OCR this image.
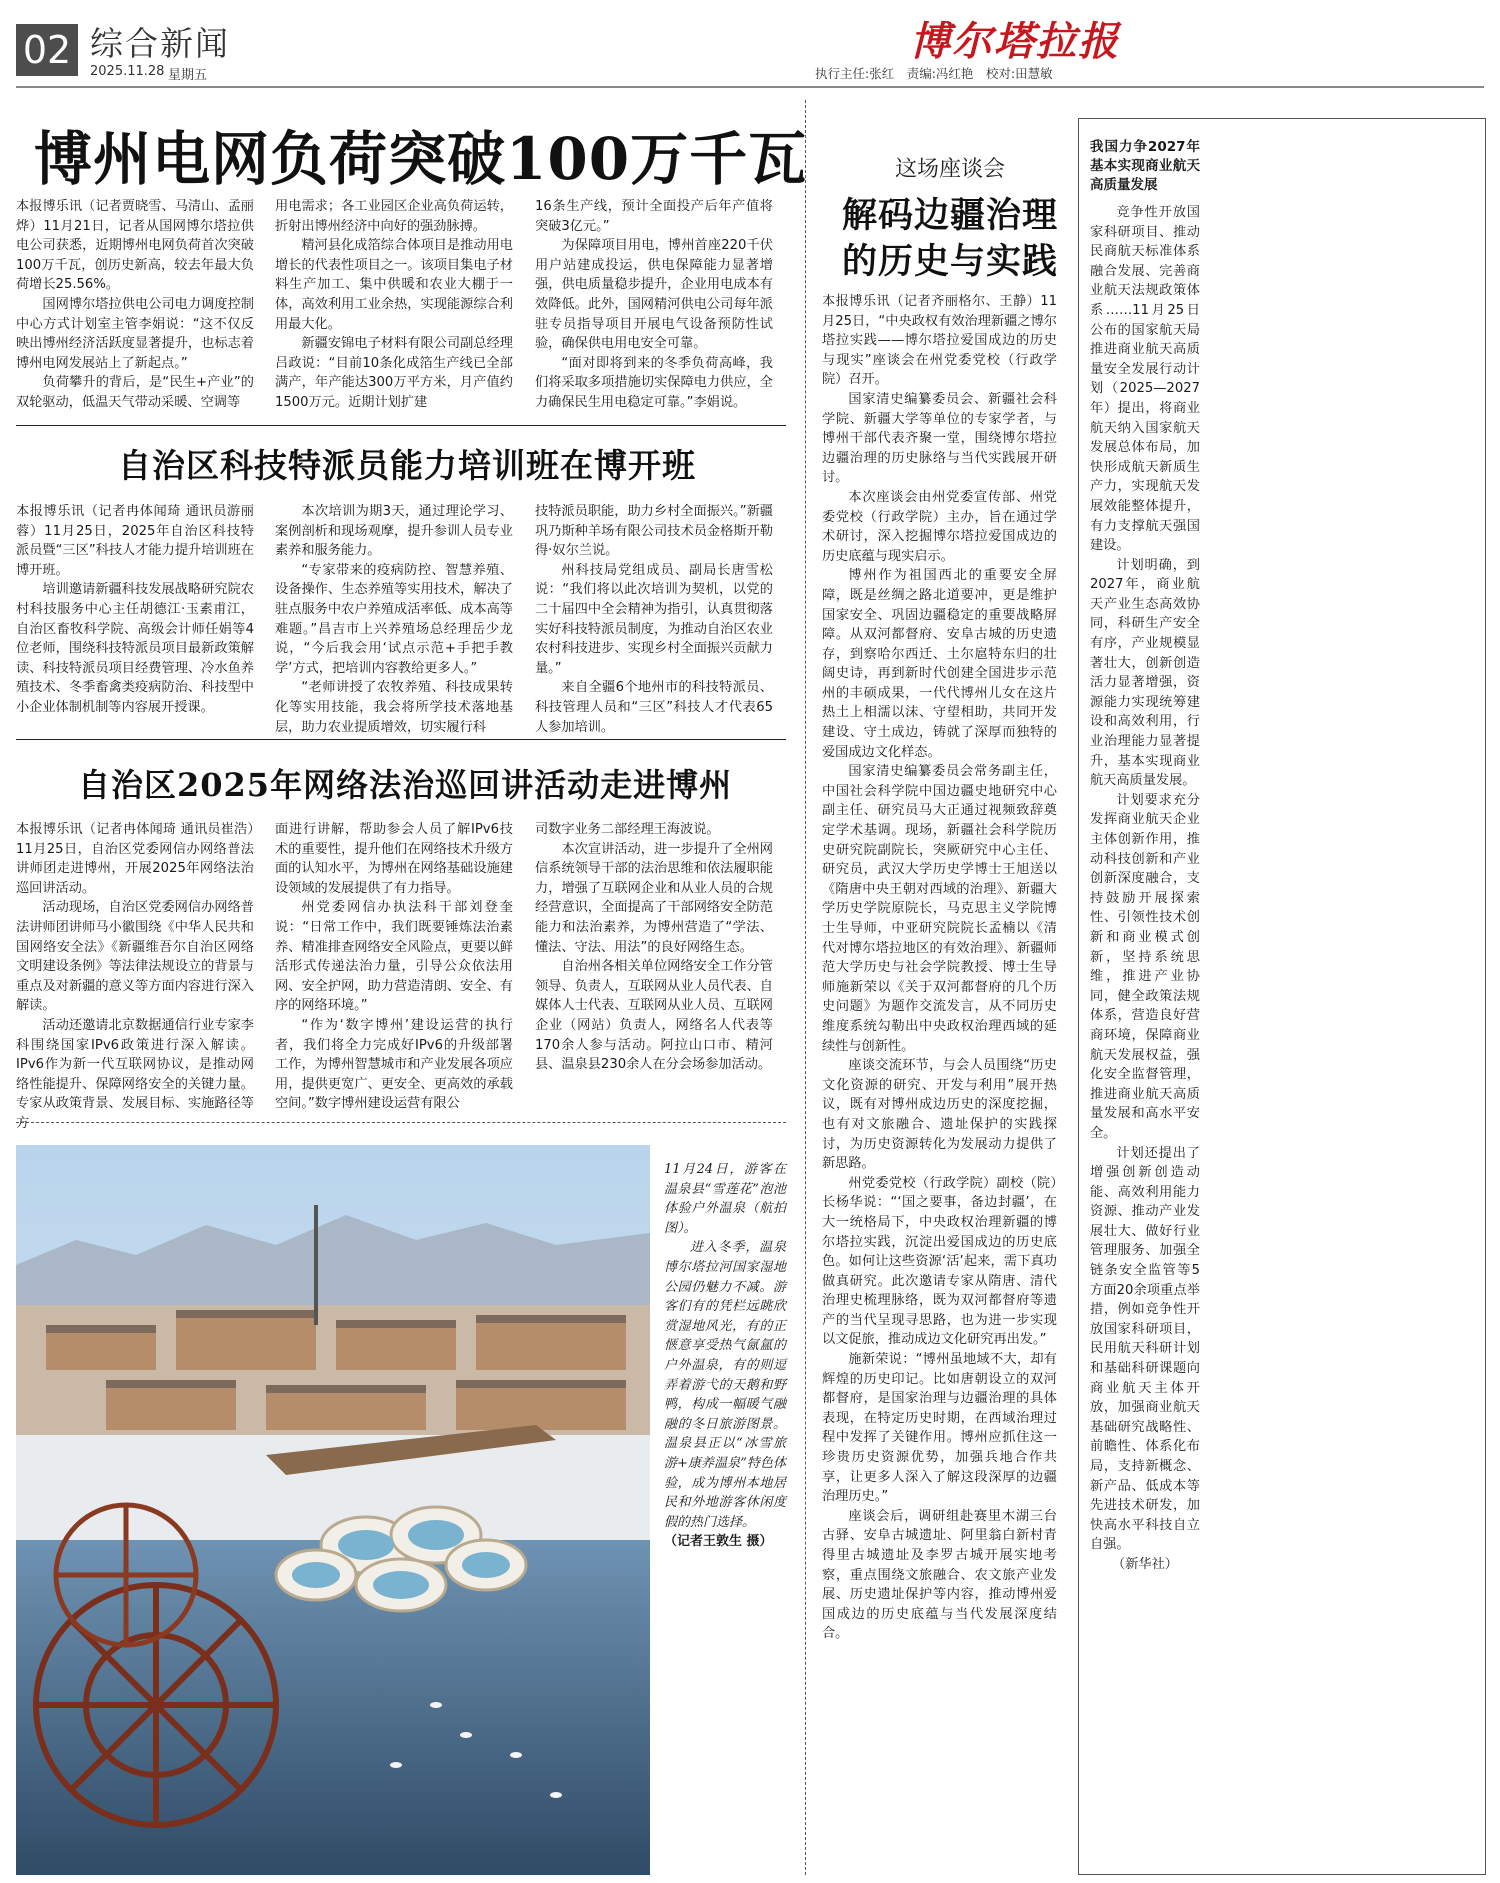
02 综合新闻
2025.11.28 星期五
博尔塔拉报
执行主任:张红　责编:冯红艳　校对:田慧敏
博州电网负荷突破100万千瓦

本报博乐讯（记者贾晓雪、马清山、孟丽烨）11月21日，记者从国网博尔塔拉供电公司获悉，近期博州电网负荷首次突破100万千瓦，创历史新高，较去年最大负荷增长25.56%。

国网博尔塔拉供电公司电力调度控制中心方式计划室主管李娟说：“这不仅反映出博州经济活跃度显著提升，也标志着博州电网发展站上了新起点。”

负荷攀升的背后，是“民生+产业”的双轮驱动，低温天气带动采暖、空调等

用电需求；各工业园区企业高负荷运转，折射出博州经济中向好的强劲脉搏。

精河县化成箔综合体项目是推动用电增长的代表性项目之一。该项目集电子材料生产加工、集中供暖和农业大棚于一体，高效利用工业余热，实现能源综合利用最大化。

新疆安锦电子材料有限公司副总经理吕政说：“目前10条化成箔生产线已全部满产，年产能达300万平方米，月产值约1500万元。近期计划扩建

16条生产线，预计全面投产后年产值将突破3亿元。”

为保障项目用电，博州首座220千伏用户站建成投运，供电保障能力显著增强，供电质量稳步提升，企业用电成本有效降低。此外，国网精河供电公司每年派驻专员指导项目开展电气设备预防性试验，确保供电用电安全可靠。

“面对即将到来的冬季负荷高峰，我们将采取多项措施切实保障电力供应，全力确保民生用电稳定可靠。”李娟说。

自治区科技特派员能力培训班在博开班

本报博乐讯（记者冉体闻琦 通讯员游丽蓉）11月25日，2025年自治区科技特派员暨“三区”科技人才能力提升培训班在博开班。

培训邀请新疆科技发展战略研究院农村科技服务中心主任胡德江·玉素甫江，自治区畜牧科学院、高级会计师任娟等4位老师，围绕科技特派员项目最新政策解读、科技特派员项目经费管理、冷水鱼养殖技术、冬季畜禽类疫病防治、科技型中小企业体制机制等内容展开授课。

本次培训为期3天，通过理论学习、案例剖析和现场观摩，提升参训人员专业素养和服务能力。

“专家带来的疫病防控、智慧养殖、设备操作、生态养殖等实用技术，解决了驻点服务中农户养殖成活率低、成本高等难题。”昌吉市上兴养殖场总经理岳少龙说，“今后我会用‘试点示范+手把手教学’方式，把培训内容教给更多人。”

“老师讲授了农牧养殖、科技成果转化等实用技能，我会将所学技术落地基层，助力农业提质增效，切实履行科

技特派员职能，助力乡村全面振兴。”新疆巩乃斯种羊场有限公司技术员金格斯开勒得·奴尔兰说。

州科技局党组成员、副局长唐雪松说：“我们将以此次培训为契机，以党的二十届四中全会精神为指引，认真贯彻落实好科技特派员制度，为推动自治区农业农村科技进步、实现乡村全面振兴贡献力量。”

来自全疆6个地州市的科技特派员、科技管理人员和“三区”科技人才代表65人参加培训。

自治区2025年网络法治巡回讲活动走进博州

本报博乐讯（记者冉体闻琦 通讯员崔浩）11月25日，自治区党委网信办网络普法讲师团走进博州，开展2025年网络法治巡回讲活动。

活动现场，自治区党委网信办网络普法讲师团讲师马小徽围绕《中华人民共和国网络安全法》《新疆维吾尔自治区网络文明建设条例》等法律法规设立的背景与重点及对新疆的意义等方面内容进行深入解读。

活动还邀请北京数据通信行业专家李科围绕国家IPv6政策进行深入解读。IPv6作为新一代互联网协议，是推动网络性能提升、保障网络安全的关键力量。专家从政策背景、发展目标、实施路径等方

面进行讲解，帮助参会人员了解IPv6技术的重要性，提升他们在网络技术升级方面的认知水平，为博州在网络基础设施建设领域的发展提供了有力指导。

州党委网信办执法科干部刘登奎说：“日常工作中，我们既要锤炼法治素养、精准排查网络安全风险点，更要以鲜活形式传递法治力量，引导公众依法用网、安全护网，助力营造清朗、安全、有序的网络环境。”

“作为‘数字博州’建设运营的执行者，我们将全力完成好IPv6的升级部署工作，为博州智慧城市和产业发展各项应用，提供更宽广、更安全、更高效的承载空间。”数字博州建设运营有限公

司数字业务二部经理王海波说。

本次宣讲活动，进一步提升了全州网信系统领导干部的法治思维和依法履职能力，增强了互联网企业和从业人员的合规经营意识，全面提高了干部网络安全防范能力和法治素养，为博州营造了“学法、懂法、守法、用法”的良好网络生态。

自治州各相关单位网络安全工作分管领导、负责人，互联网从业人员代表、自媒体人士代表、互联网从业人员、互联网企业（网站）负责人，网络名人代表等170余人参与活动。阿拉山口市、精河县、温泉县230余人在分会场参加活动。

11月24日，游客在温泉县“雪莲花”泡池体验户外温泉（航拍图）。

进入冬季，温泉博尔塔拉河国家湿地公园仍魅力不减。游客们有的凭栏远眺欣赏湿地风光，有的正惬意享受热气氤氲的户外温泉，有的则逗弄着游弋的天鹅和野鸭，构成一幅暖气融融的冬日旅游图景。温泉县正以“冰雪旅游+康养温泉”特色体验，成为博州本地居民和外地游客休闲度假的热门选择。

（记者王敦生 摄）

这场座谈会
解码边疆治理
的历史与实践

本报博乐讯（记者齐丽格尔、王静）11月25日，“中央政权有效治理新疆之博尔塔拉实践——博尔塔拉爱国成边的历史与现实”座谈会在州党委党校（行政学院）召开。

国家清史编纂委员会、新疆社会科学院、新疆大学等单位的专家学者，与博州干部代表齐聚一堂，围绕博尔塔拉边疆治理的历史脉络与当代实践展开研讨。

本次座谈会由州党委宣传部、州党委党校（行政学院）主办，旨在通过学术研讨，深入挖掘博尔塔拉爱国成边的历史底蕴与现实启示。

博州作为祖国西北的重要安全屏障，既是丝绸之路北道要冲，更是维护国家安全、巩固边疆稳定的重要战略屏障。从双河都督府、安阜古城的历史遗存，到察哈尔西迁、土尔扈特东归的壮阔史诗，再到新时代创建全国进步示范州的丰硕成果，一代代博州儿女在这片热土上相濡以沫、守望相助，共同开发建设、守土成边，铸就了深厚而独特的爱国成边文化样态。

国家清史编纂委员会常务副主任，中国社会科学院中国边疆史地研究中心副主任、研究员马大正通过视频致辞奠定学术基调。现场，新疆社会科学院历史研究院副院长，突厥研究中心主任、研究员，武汉大学历史学博士王旭送以《隋唐中央王朝对西域的治理》、新疆大学历史学院原院长，马克思主义学院博士生导师，中亚研究院院长孟楠以《清代对博尔塔拉地区的有效治理》、新疆师范大学历史与社会学院教授、博士生导师施新荣以《关于双河都督府的几个历史问题》为题作交流发言，从不同历史维度系统勾勒出中央政权治理西域的延续性与创新性。

座谈交流环节，与会人员围绕“历史文化资源的研究、开发与利用”展开热议，既有对博州成边历史的深度挖掘，也有对文旅融合、遗址保护的实践探讨，为历史资源转化为发展动力提供了新思路。

州党委党校（行政学院）副校（院）长杨华说：“‘国之要事，备边封疆’，在大一统格局下，中央政权治理新疆的博尔塔拉实践，沉淀出爱国成边的历史底色。如何让这些资源‘活’起来，需下真功做真研究。此次邀请专家从隋唐、清代治理史梳理脉络，既为双河都督府等遗产的当代呈现寻思路，也为进一步实现以文促旅，推动成边文化研究再出发。”

施新荣说：“博州虽地域不大，却有辉煌的历史印记。比如唐朝设立的双河都督府，是国家治理与边疆治理的具体表现，在特定历史时期，在西域治理过程中发挥了关键作用。博州应抓住这一珍贵历史资源优势，加强兵地合作共享，让更多人深入了解这段深厚的边疆治理历史。”

座谈会后，调研组赴赛里木湖三台古驿、安阜古城遗址、阿里翁白新村青得里古城遗址及李罗古城开展实地考察，重点围绕文旅融合、农文旅产业发展、历史遗址保护等内容，推动博州爱国成边的历史底蕴与当代发展深度结合。

我国力争2027年基本实现商业航天高质量发展

竞争性开放国家科研项目、推动民商航天标准体系融合发展、完善商业航天法规政策体系……11月25日公布的国家航天局推进商业航天高质量安全发展行动计划（2025—2027年）提出，将商业航天纳入国家航天发展总体布局，加快形成航天新质生产力，实现航天发展效能整体提升，有力支撑航天强国建设。

计划明确，到2027年，商业航天产业生态高效协同，科研生产安全有序，产业规模显著壮大，创新创造活力显著增强，资源能力实现统筹建设和高效利用，行业治理能力显著提升，基本实现商业航天高质量发展。

计划要求充分发挥商业航天企业主体创新作用，推动科技创新和产业创新深度融合，支持鼓励开展探索性、引领性技术创新和商业模式创新，坚持系统思维，推进产业协同，健全政策法规体系，营造良好营商环境，保障商业航天发展权益，强化安全监督管理，推进商业航天高质量发展和高水平安全。

计划还提出了增强创新创造动能、高效利用能力资源、推动产业发展壮大、做好行业管理服务、加强全链条安全监管等5方面20余项重点举措，例如竞争性开放国家科研项目，民用航天科研计划和基础科研课题向商业航天主体开放，加强商业航天基础研究战略性、前瞻性、体系化布局，支持新概念、新产品、低成本等先进技术研发，加快高水平科技自立自强。

（新华社）
